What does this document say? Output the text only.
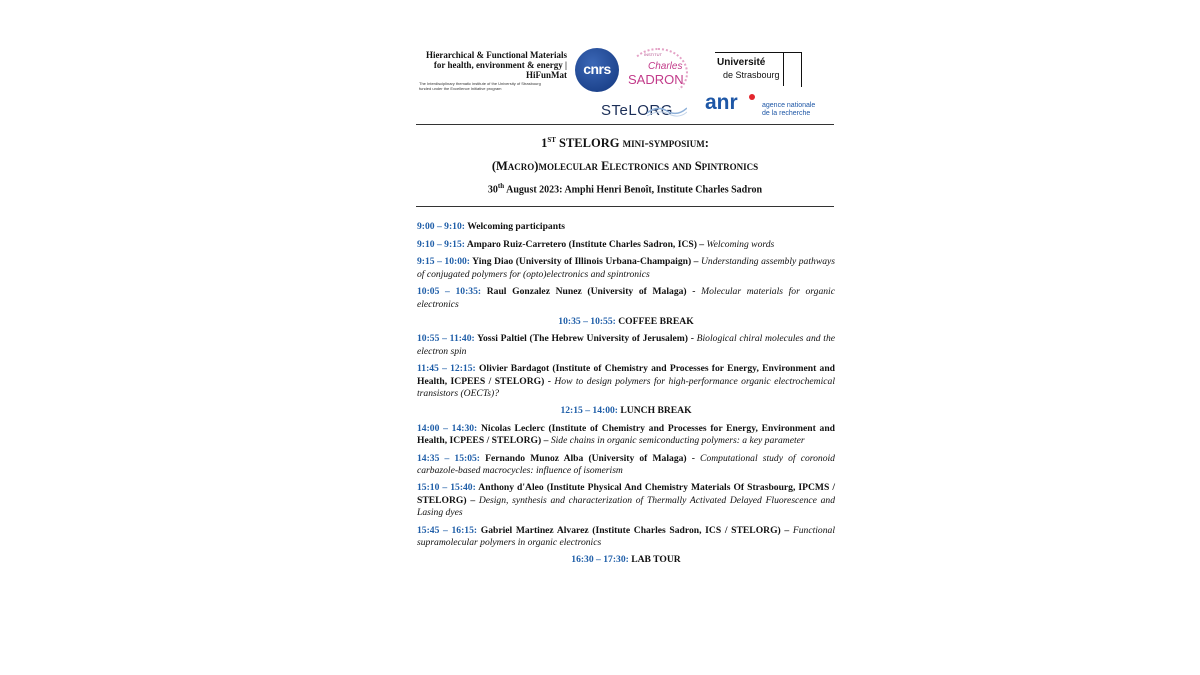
Hierarchical & Functional Materials
for health, environment & energy |
HiFunMat
The Interdisciplinary thematic institute of the University of Strasbourg
funded under the Excellence Initiative program
cnrs
INSTITUT
Charles
SADRON
Université
de Strasbourg
STeLORG anr	agence nationale
de la recherche
1ST STELORG mini-symposium:
(Macro)molecular Electronics and Spintronics
30th August 2023: Amphi Henri Benoît, Institute Charles Sadron
9:00 – 9:10: Welcoming participants
9:10 – 9:15: Amparo Ruiz-Carretero (Institute Charles Sadron, ICS) – Welcoming words
9:15 – 10:00: Ying Diao (University of Illinois Urbana-Champaign) – Understanding assembly pathways of conjugated polymers for (opto)electronics and spintronics
10:05 – 10:35: Raul Gonzalez Nunez (University of Malaga) - Molecular materials for organic electronics
10:35 – 10:55: COFFEE BREAK
10:55 – 11:40: Yossi Paltiel (The Hebrew University of Jerusalem) - Biological chiral molecules and the electron spin
11:45 – 12:15: Olivier Bardagot (Institute of Chemistry and Processes for Energy, Environment and Health, ICPEES / STELORG) - How to design polymers for high-performance organic electrochemical transistors (OECTs)?
12:15 – 14:00: LUNCH BREAK
14:00 – 14:30: Nicolas Leclerc (Institute of Chemistry and Processes for Energy, Environment and Health, ICPEES / STELORG) – Side chains in organic semiconducting polymers: a key parameter
14:35 – 15:05: Fernando Munoz Alba (University of Malaga) - Computational study of coronoid carbazole-based macrocycles: influence of isomerism
15:10 – 15:40: Anthony d'Aleo (Institute Physical And Chemistry Materials Of Strasbourg, IPCMS / STELORG) – Design, synthesis and characterization of Thermally Activated Delayed Fluorescence and Lasing dyes
15:45 – 16:15: Gabriel Martinez Alvarez (Institute Charles Sadron, ICS / STELORG) – Functional supramolecular polymers in organic electronics
16:30 – 17:30: LAB TOUR
